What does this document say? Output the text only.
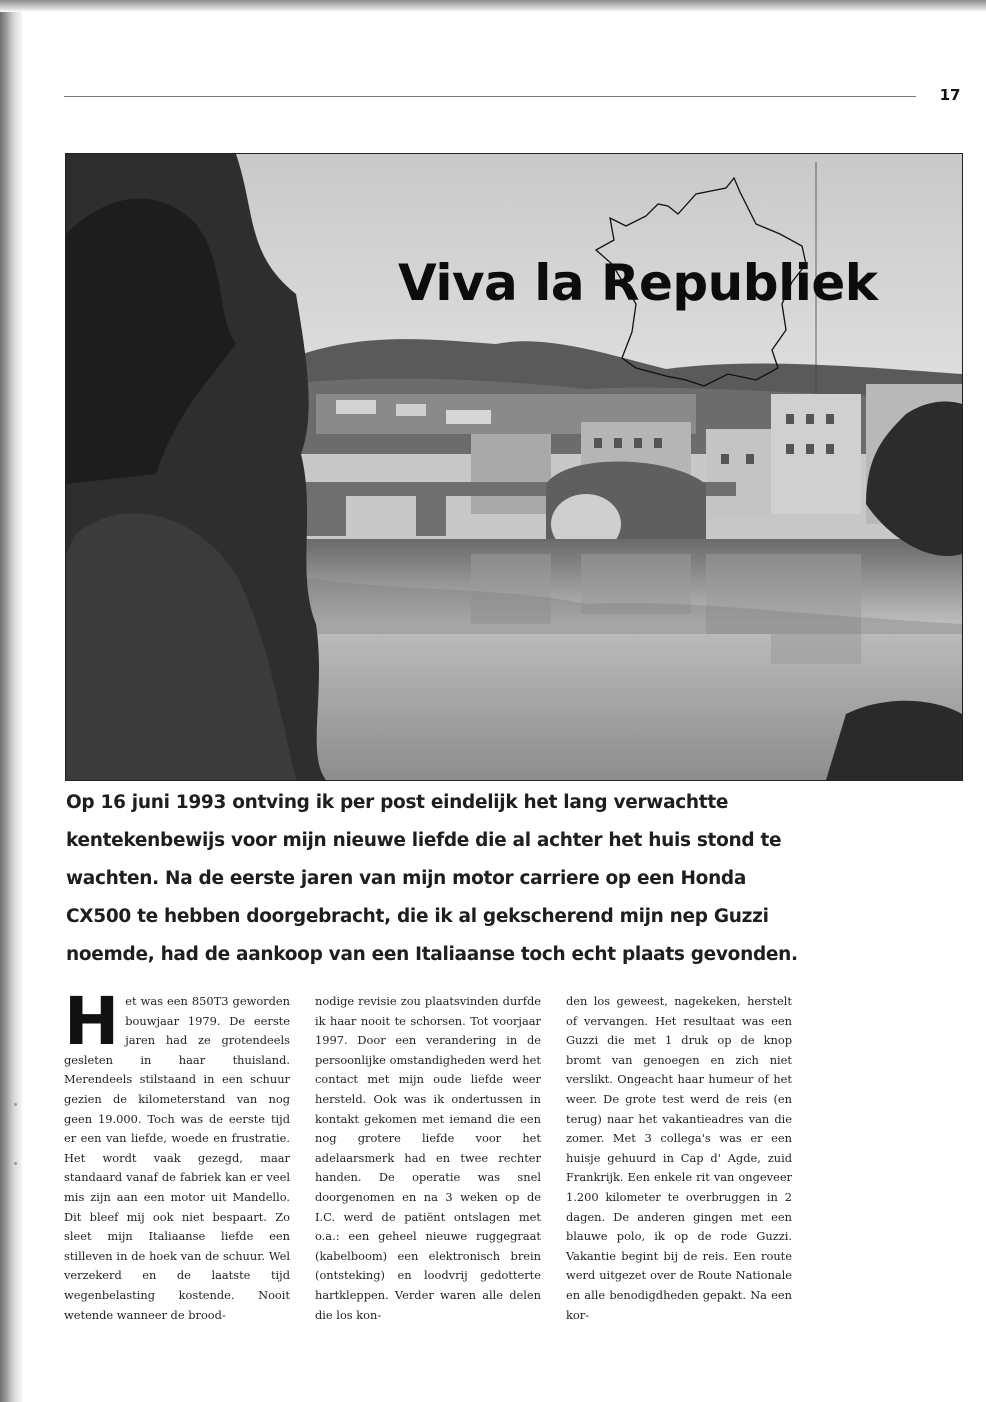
17
Viva la Republiek
Op 16 juni 1993 ontving ik per post eindelijk het lang verwachtte kentekenbewijs voor mijn nieuwe liefde die al achter het huis stond te wachten. Na de eerste jaren van mijn motor carriere op een Honda CX500 te hebben doorgebracht, die ik al gekscherend mijn nep Guzzi noemde, had de aankoop van een Italiaanse toch echt plaats gevonden.
Het was een 850T3 geworden bouwjaar 1979. De eerste jaren had ze grotendeels gesleten in haar thuisland. Merendeels stilstaand in een schuur gezien de kilometerstand van nog geen 19.000. Toch was de eerste tijd er een van liefde, woede en frustratie. Het wordt vaak gezegd, maar standaard vanaf de fabriek kan er veel mis zijn aan een motor uit Mandello. Dit bleef mij ook niet bespaart. Zo sleet mijn Italiaanse liefde een stilleven in de hoek van de schuur. Wel verzekerd en de laatste tijd wegenbelasting kostende. Nooit wetende wanneer de brood-
nodige revisie zou plaatsvinden durfde ik haar nooit te schorsen. Tot voorjaar 1997. Door een verandering in de persoonlijke omstandigheden werd het contact met mijn oude liefde weer hersteld. Ook was ik ondertussen in kontakt gekomen met iemand die een nog grotere liefde voor het adelaarsmerk had en twee rechter handen. De operatie was snel doorgenomen en na 3 weken op de I.C. werd de patiënt ontslagen met o.a.: een geheel nieuwe ruggegraat (kabelboom) een elektronisch brein (ontsteking) en loodvrij gedotterte hartkleppen. Verder waren alle delen die los kon-
den los geweest, nagekeken, herstelt of vervangen. Het resultaat was een Guzzi die met 1 druk op de knop bromt van genoegen en zich niet verslikt. Ongeacht haar humeur of het weer. De grote test werd de reis (en terug) naar het vakantieadres van die zomer. Met 3 collega's was er een huisje gehuurd in Cap d' Agde, zuid Frankrijk. Een enkele rit van ongeveer 1.200 kilometer te overbruggen in 2 dagen. De anderen gingen met een blauwe polo, ik op de rode Guzzi. Vakantie begint bij de reis. Een route werd uitgezet over de Route Nationale en alle benodigdheden gepakt. Na een kor-
